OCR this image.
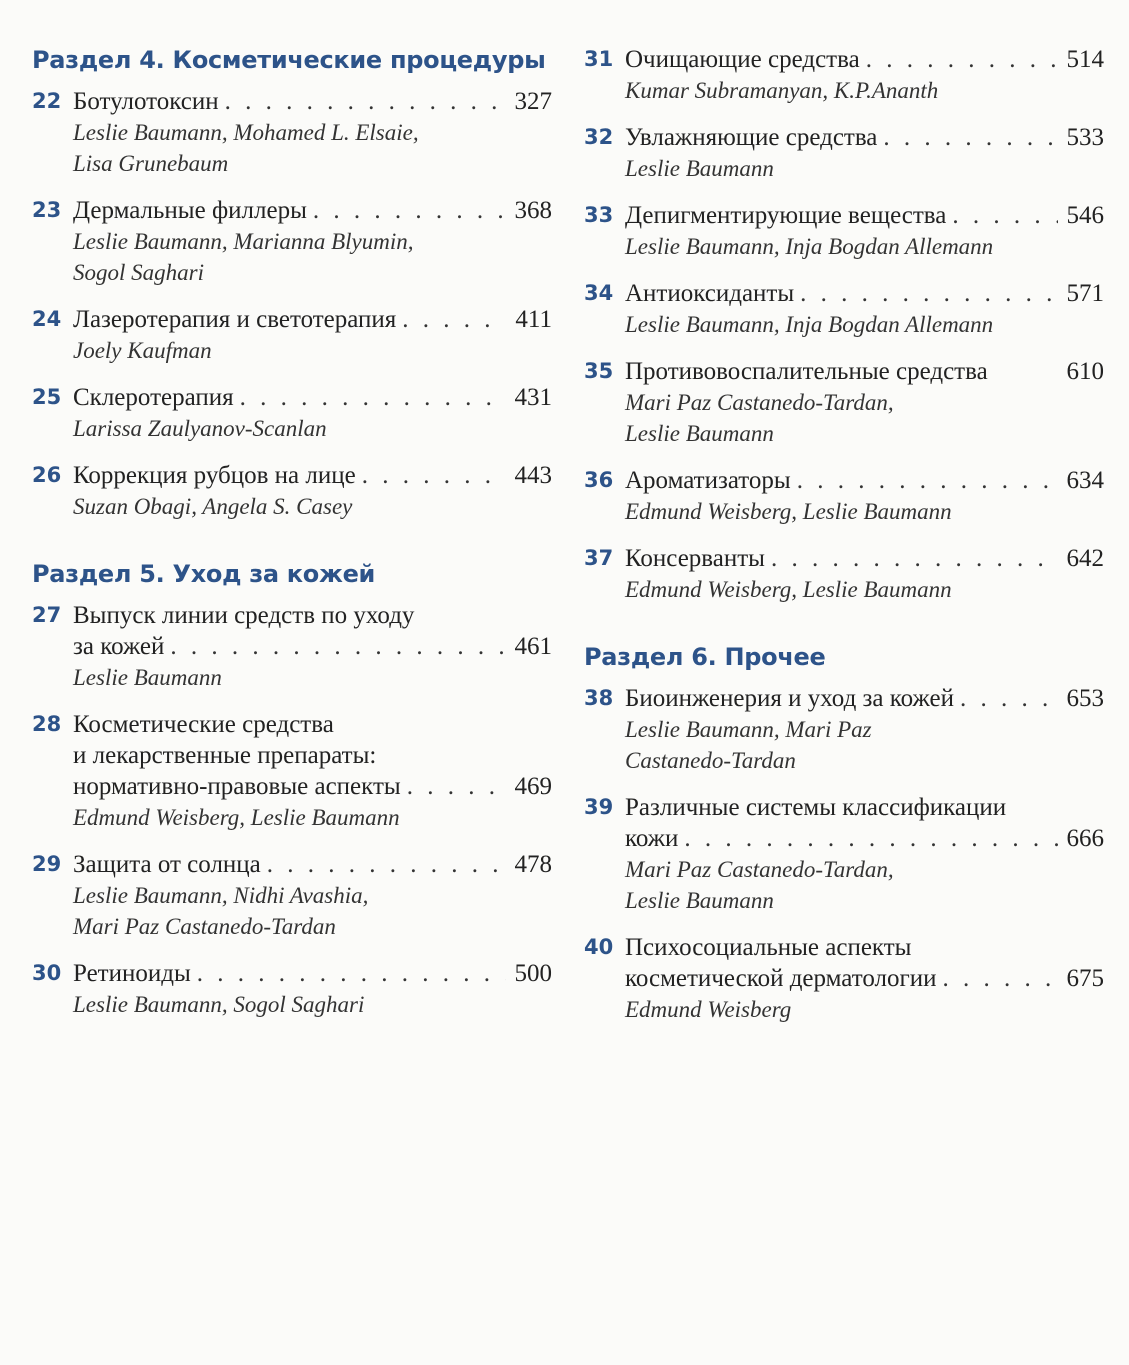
Раздел 4. Косметические процедуры
22 Ботулотоксин . . .	327
Leslie Baumann, Mohamed L. Elsaie,
Lisa Grunebaum
23 Дермальные филлеры . . .	368
Leslie Baumann, Marianna Blyumin,
Sogol Saghari
24 Лазеротерапия и светотерапия . . .	411
Joely Kaufman
25 Склеротерапия . . .	431
Larissa Zaulyanov-Scanlan
26 Коррекция рубцов на лице . . .	443
Suzan Obagi, Angela S. Casey
Раздел 5. Уход за кожей
27 Выпуск линии средств по уходу
за кожей . . .	461
Leslie Baumann
28 Косметические средства
и лекарственные препараты:
нормативно-правовые аспекты . . .	469
Edmund Weisberg, Leslie Baumann
29 Защита от солнца . . .	478
Leslie Baumann, Nidhi Avashia,
Mari Paz Castanedo-Tardan
30 Ретиноиды . . .	500
Leslie Baumann, Sogol Saghari
31 Очищающие средства . . .	514
Kumar Subramanyan, K.P.Ananth
32 Увлажняющие средства . . .	533
Leslie Baumann
33 Депигментирующие вещества . . .	546
Leslie Baumann, Inja Bogdan Allemann
34 Антиоксиданты . . .	571
Leslie Baumann, Inja Bogdan Allemann
35 Противовоспалительные средства	610
Mari Paz Castanedo-Tardan,
Leslie Baumann
36 Ароматизаторы . . .	634
Edmund Weisberg, Leslie Baumann
37 Консерванты . . .	642
Edmund Weisberg, Leslie Baumann
Раздел 6. Прочее
38 Биоинженерия и уход за кожей . . .	653
Leslie Baumann, Mari Paz
Castanedo-Tardan
39 Различные системы классификации
кожи . . .	666
Mari Paz Castanedo-Tardan,
Leslie Baumann
40 Психосоциальные аспекты
косметической дерматологии . . .	675
Edmund Weisberg
